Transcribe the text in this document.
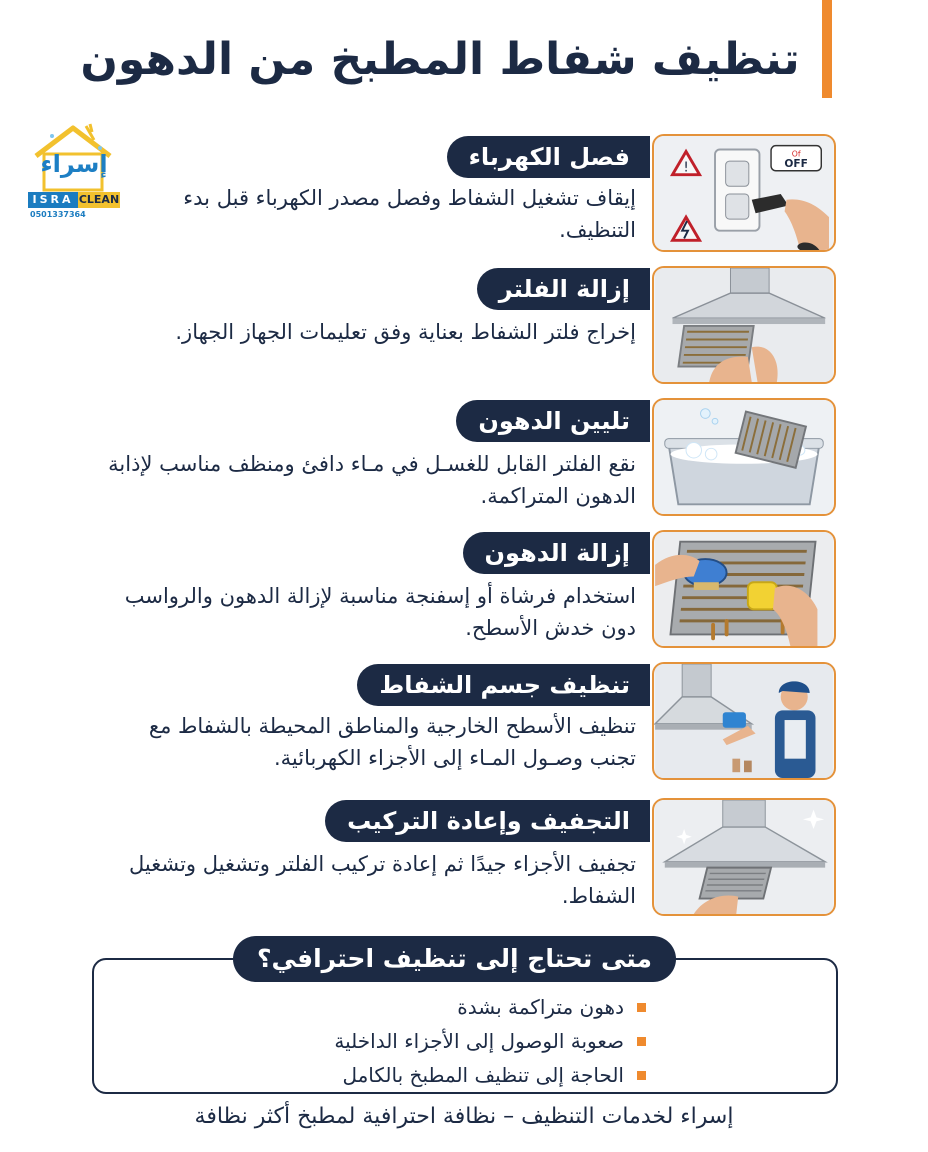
تنظيف شفاط المطبخ من الدهون
إسراء
ISRA CLEAN
0501337364
!
Of
OFF
فصل الكهرباء

إيقاف تشغيل الشفاط وفصل مصدر الكهرباء قبل بدء التنظيف.

إزالة الفلتر

إخراج فلتر الشفاط بعناية وفق تعليمات الجهاز الجهاز.

تليين الدهون

نقع الفلتر القابل للغسـل في مـاء دافئ ومنظف مناسب لإذابة الدهون المتراكمة.

إزالة الدهون

استخدام فرشاة أو إسفنجة مناسبة لإزالة الدهون والرواسب دون خدش الأسطح.

تنظيف جسم الشفاط

تنظيف الأسطح الخارجية والمناطق المحيطة بالشفاط مع تجنب وصـول المـاء إلى الأجزاء الكهربائية.

التجفيف وإعادة التركيب

تجفيف الأجزاء جيدًا ثم إعادة تركيب الفلتر وتشغيل وتشغيل الشفاط.

متى تحتاج إلى تنظيف احترافي؟
دهون متراكمة بشدة
صعوبة الوصول إلى الأجزاء الداخلية
الحاجة إلى تنظيف المطبخ بالكامل
إسراء لخدمات التنظيف – نظافة احترافية لمطبخ أكثر نظافة
